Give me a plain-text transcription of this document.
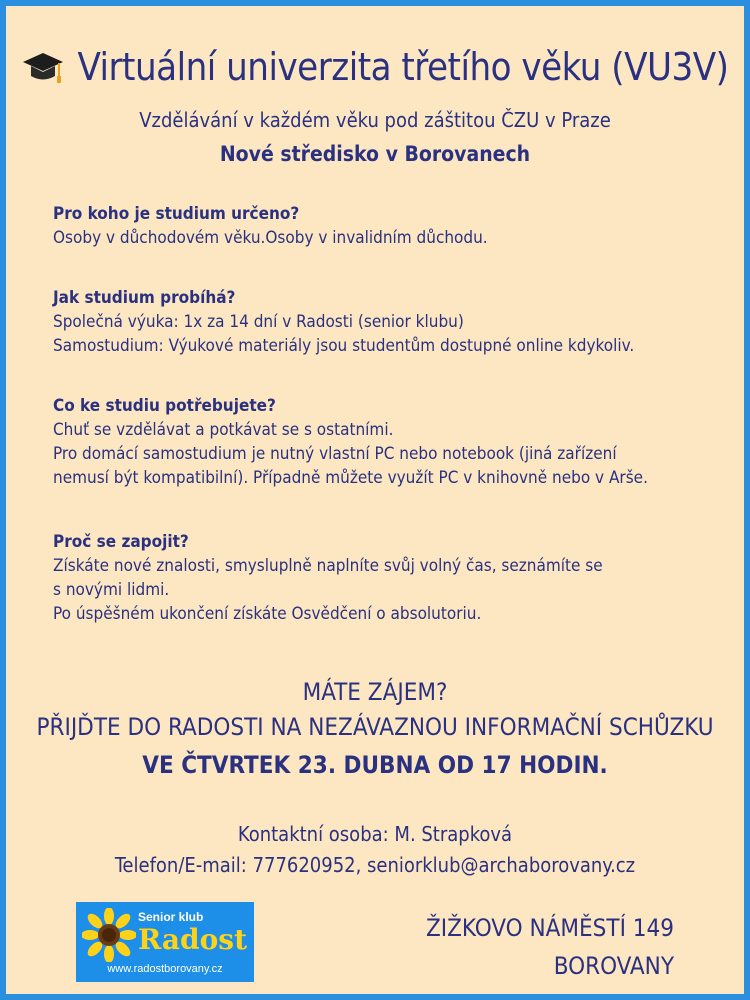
Virtuální univerzita třetího věku (VU3V)
Vzdělávání v každém věku pod záštitou ČZU v Praze
Nové středisko v Borovanech
Pro koho je studium určeno?
Osoby v důchodovém věku.Osoby v invalidním důchodu.
Jak studium probíhá?
Společná výuka: 1x za 14 dní v Radosti (senior klubu)
Samostudium: Výukové materiály jsou studentům dostupné online kdykoliv.
Co ke studiu potřebujete?
Chuť se vzdělávat a potkávat se s ostatními.
Pro domácí samostudium je nutný vlastní PC nebo notebook (jiná zařízení
nemusí být kompatibilní). Případně můžete využít PC v knihovně nebo v Arše.
Proč se zapojit?
Získáte nové znalosti, smysluplně naplníte svůj volný čas, seznámíte se
s novými lidmi.
Po úspěšném ukončení získáte Osvědčení o absolutoriu.
MÁTE ZÁJEM?
PŘIJĎTE DO RADOSTI NA NEZÁVAZNOU INFORMAČNÍ SCHŮZKU
VE ČTVRTEK 23. DUBNA OD 17 HODIN.
Kontaktní osoba: M. Strapková
Telefon/E-mail: 777620952, seniorklub@archaborovany.cz
Senior klub
Radost
www.radostborovany.cz
ŽIŽKOVO NÁMĚSTÍ 149
BOROVANY
